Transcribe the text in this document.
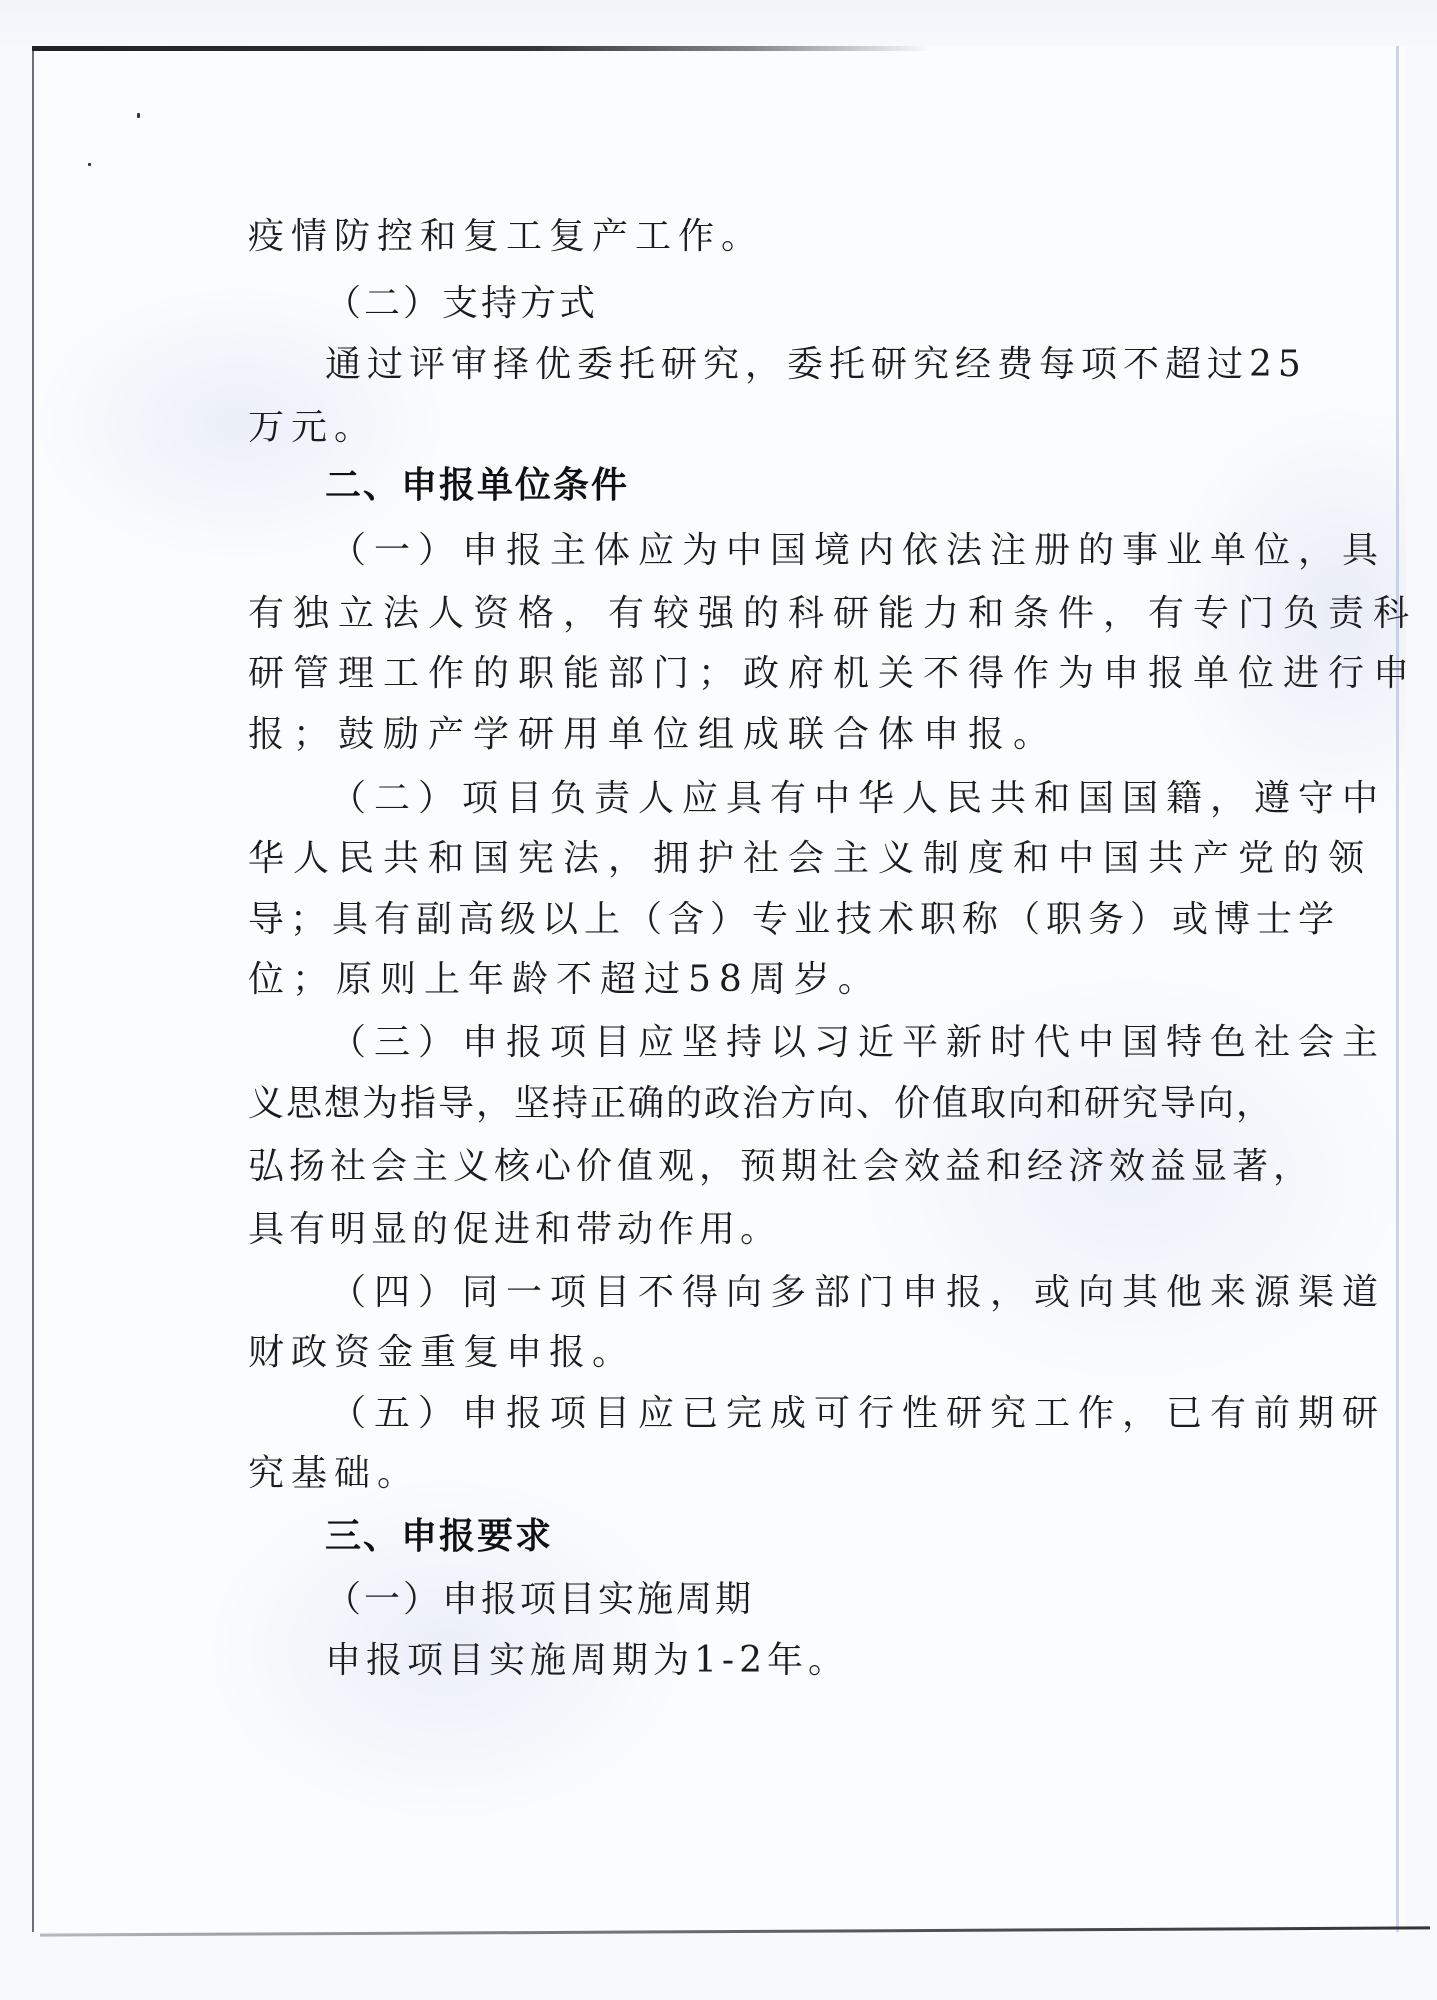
疫情防控和复工复产工作。
（二）支持方式
通过评审择优委托研究，委托研究经费每项不超过25
万元。
二、申报单位条件
（一）申报主体应为中国境内依法注册的事业单位，具
有独立法人资格，有较强的科研能力和条件，有专门负责科
研管理工作的职能部门；政府机关不得作为申报单位进行申
报；鼓励产学研用单位组成联合体申报。
（二）项目负责人应具有中华人民共和国国籍，遵守中
华人民共和国宪法，拥护社会主义制度和中国共产党的领
导；具有副高级以上（含）专业技术职称（职务）或博士学
位；原则上年龄不超过58周岁。
（三）申报项目应坚持以习近平新时代中国特色社会主
义思想为指导，坚持正确的政治方向、价值取向和研究导向，
弘扬社会主义核心价值观，预期社会效益和经济效益显著，
具有明显的促进和带动作用。
（四）同一项目不得向多部门申报，或向其他来源渠道
财政资金重复申报。
（五）申报项目应已完成可行性研究工作，已有前期研
究基础。
三、申报要求
（一）申报项目实施周期
申报项目实施周期为1-2年。
